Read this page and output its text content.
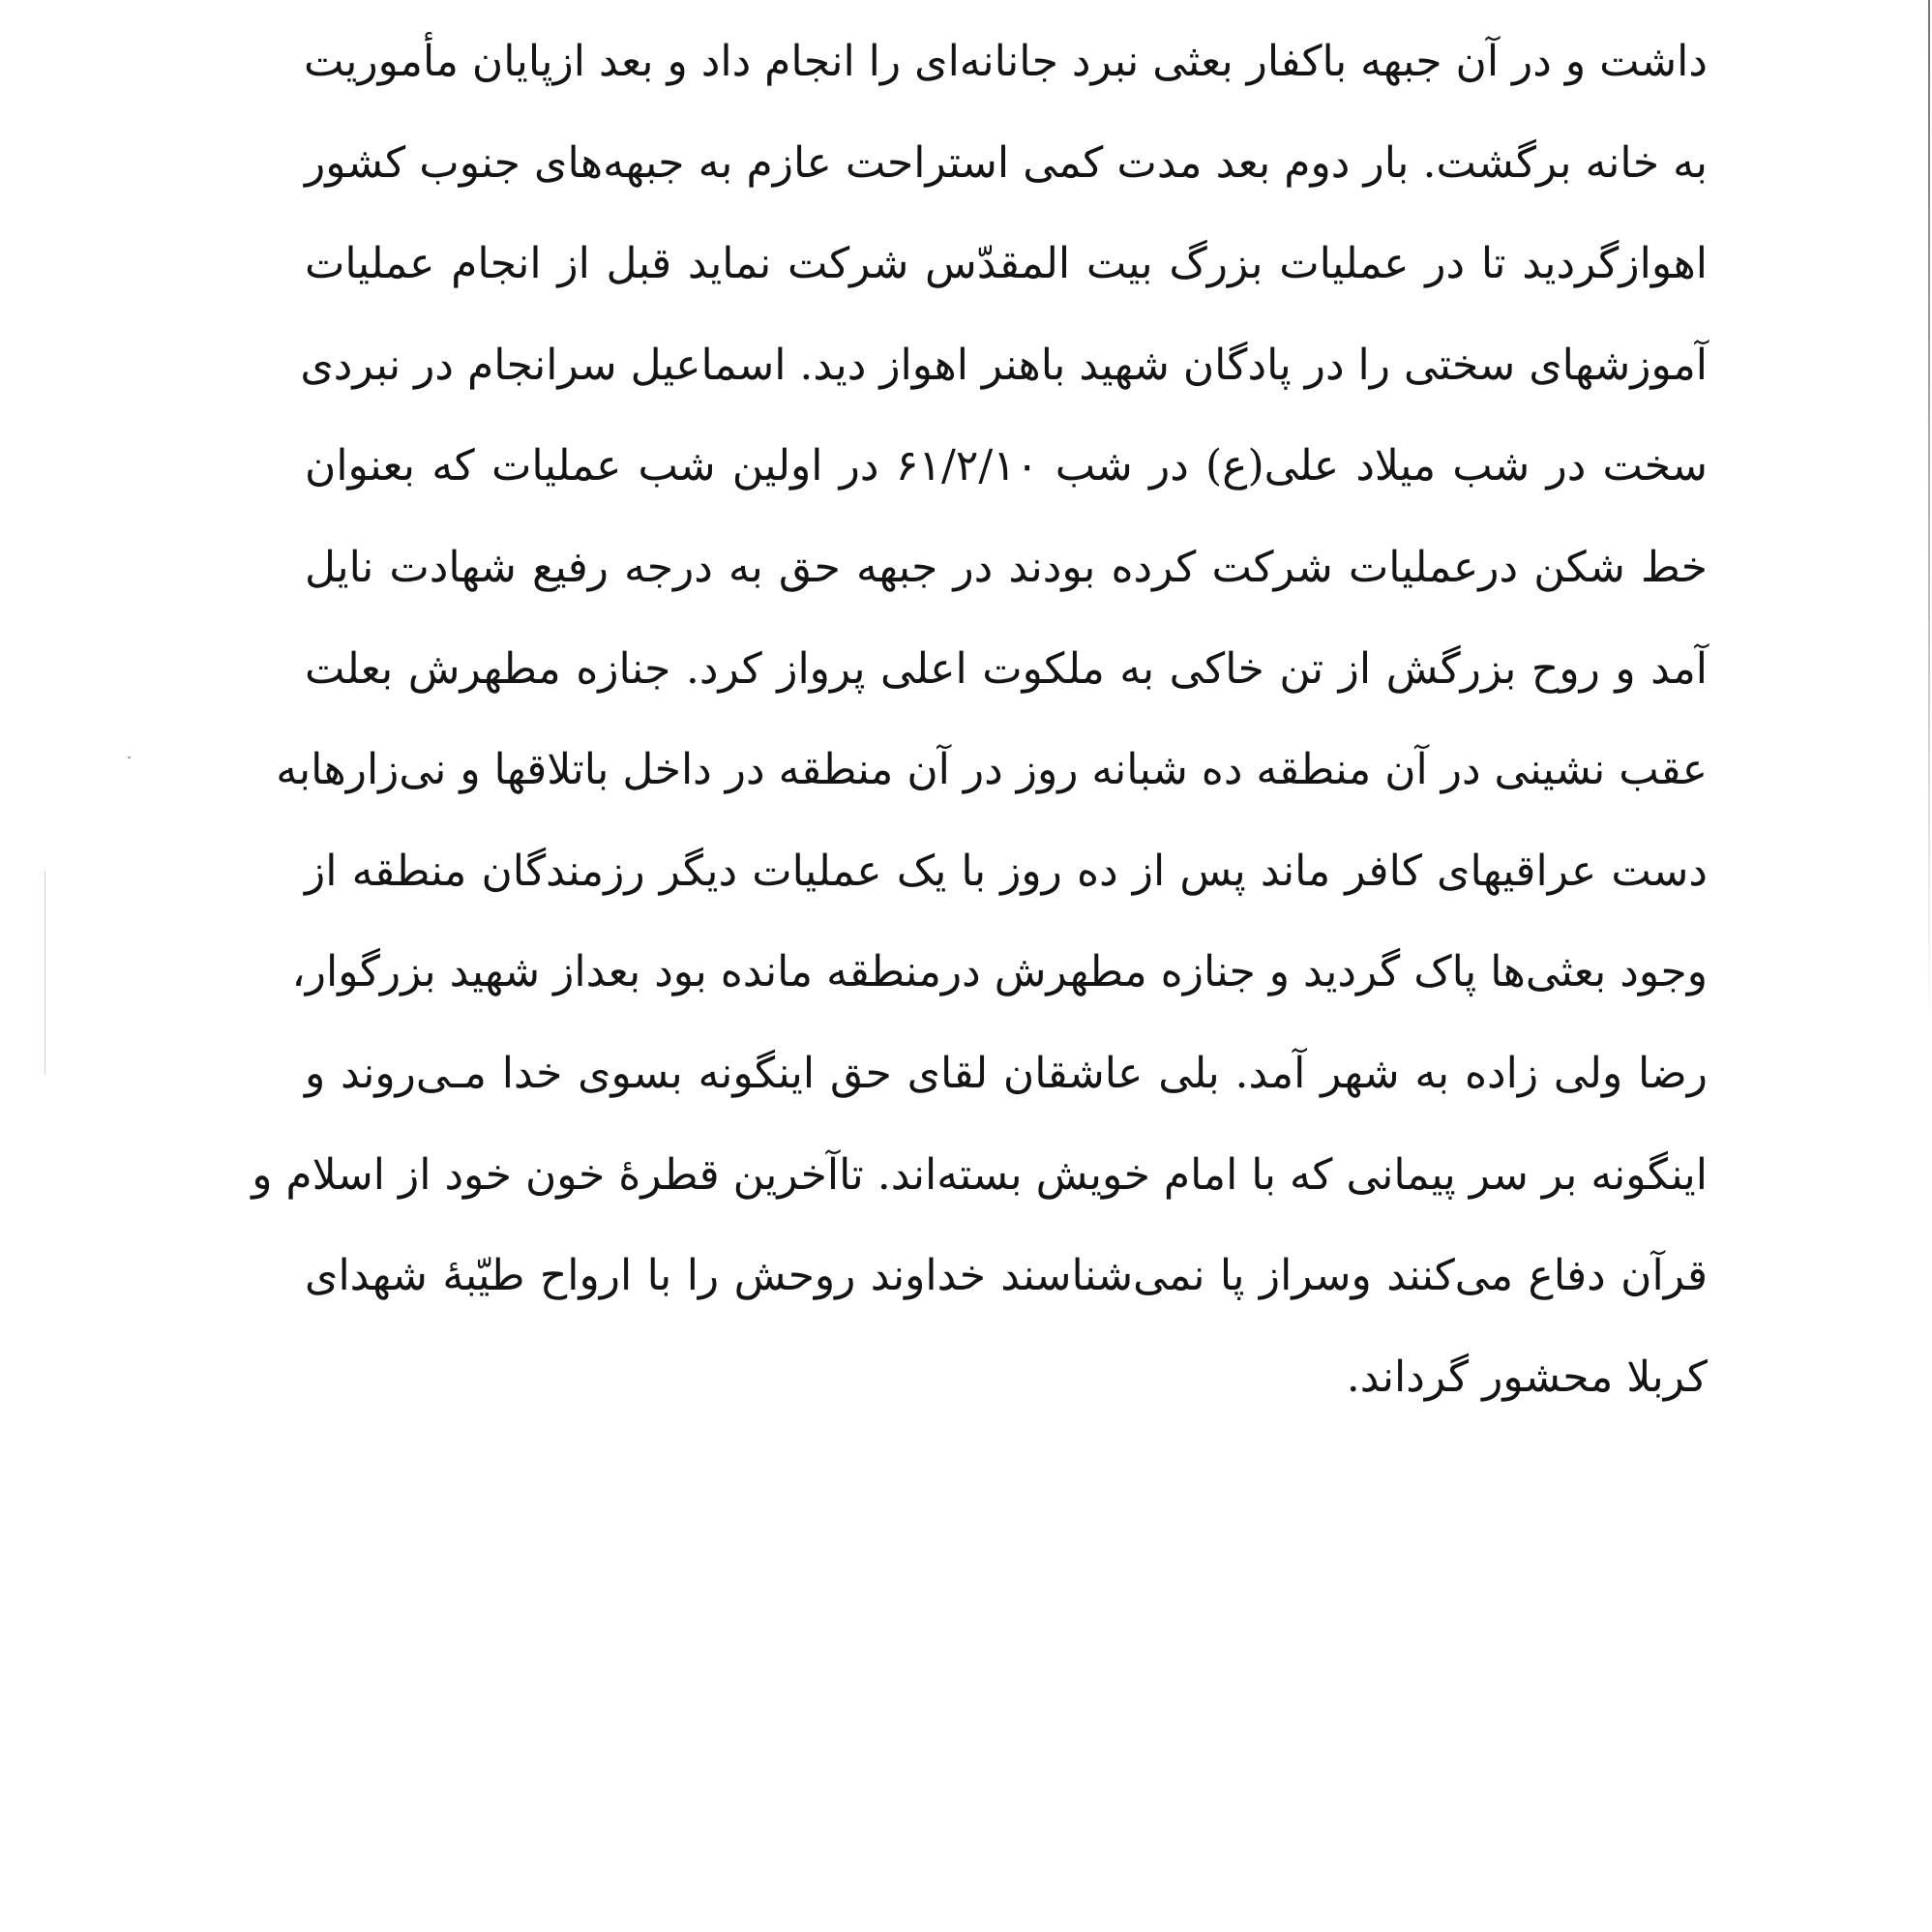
داشت و در آن جبهه باکفار بعثی نبرد جانانه‌ای را انجام داد و بعد ازپایان مأموریت
به خانه برگشت. بار دوم بعد مدت کمی استراحت عازم به جبهه‌های جنوب کشور
اهوازگردید تا در عملیات بزرگ بیت المقدّس شرکت نماید قبل از انجام عملیات
آموزشهای سختی را در پادگان شهید باهنر اهواز دید. اسماعیل سرانجام در نبردی
سخت در شب میلاد علی(ع) در شب ۶۱/۲/۱۰ در اولین شب عملیات که بعنوان
خط شکن درعملیات شرکت کرده بودند در جبهه حق به درجه رفیع شهادت نایل
آمد و روح بزرگش از تن خاکی به ملکوت اعلی پرواز کرد. جنازه مطهرش بعلت
عقب نشینی در آن منطقه ده شبانه روز در آن منطقه در داخل باتلاقها و نی‌زارهابه
دست عراقیهای کافر ماند پس از ده روز با یک عملیات دیگر رزمندگان منطقه از
وجود بعثی‌ها پاک گردید و جنازه مطهرش درمنطقه مانده بود بعداز شهید بزرگوار،
رضا ولی زاده به شهر آمد. بلی عاشقان لقای حق اینگونه بسوی خدا مـی‌روند و
اینگونه بر سر پیمانی که با امام خویش بسته‌اند. تاآخرین قطرهٔ خون خود از اسلام و
قرآن دفاع می‌کنند وسراز پا نمی‌شناسند خداوند روحش را با ارواح طیّبهٔ شهدای
کربلا محشور گرداند.
